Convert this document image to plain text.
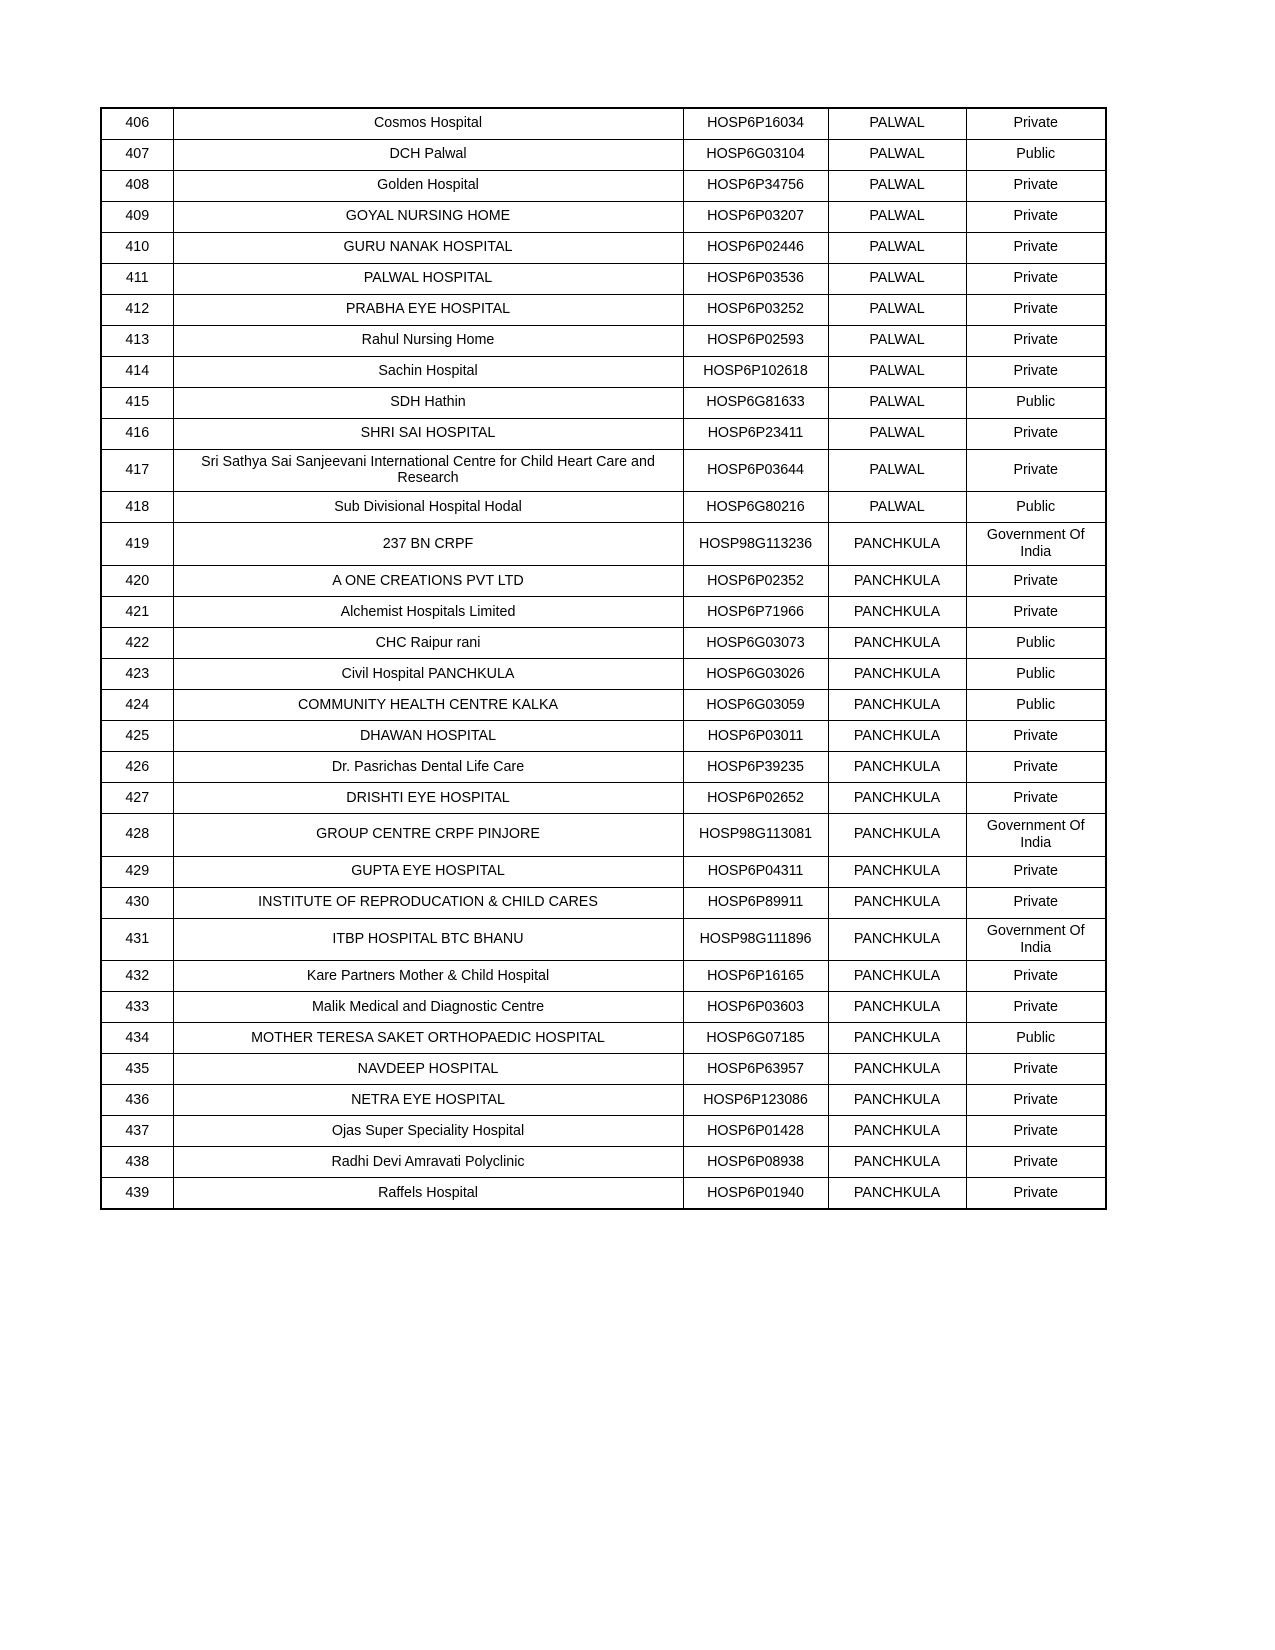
406	Cosmos Hospital	HOSP6P16034	PALWAL	Private
407	DCH Palwal	HOSP6G03104	PALWAL	Public
408	Golden Hospital	HOSP6P34756	PALWAL	Private
409	GOYAL NURSING HOME	HOSP6P03207	PALWAL	Private
410	GURU NANAK HOSPITAL	HOSP6P02446	PALWAL	Private
411	PALWAL HOSPITAL	HOSP6P03536	PALWAL	Private
412	PRABHA EYE HOSPITAL	HOSP6P03252	PALWAL	Private
413	Rahul Nursing Home	HOSP6P02593	PALWAL	Private
414	Sachin Hospital	HOSP6P102618	PALWAL	Private
415	SDH Hathin	HOSP6G81633	PALWAL	Public
416	SHRI SAI HOSPITAL	HOSP6P23411	PALWAL	Private
417	Sri Sathya Sai Sanjeevani International Centre for Child Heart Care and Research	HOSP6P03644	PALWAL	Private
418	Sub Divisional Hospital Hodal	HOSP6G80216	PALWAL	Public
419	237 BN CRPF	HOSP98G113236	PANCHKULA	Government Of India
420	A ONE CREATIONS PVT LTD	HOSP6P02352	PANCHKULA	Private
421	Alchemist Hospitals Limited	HOSP6P71966	PANCHKULA	Private
422	CHC Raipur rani	HOSP6G03073	PANCHKULA	Public
423	Civil Hospital PANCHKULA	HOSP6G03026	PANCHKULA	Public
424	COMMUNITY HEALTH CENTRE KALKA	HOSP6G03059	PANCHKULA	Public
425	DHAWAN HOSPITAL	HOSP6P03011	PANCHKULA	Private
426	Dr. Pasrichas Dental Life Care	HOSP6P39235	PANCHKULA	Private
427	DRISHTI EYE HOSPITAL	HOSP6P02652	PANCHKULA	Private
428	GROUP CENTRE CRPF PINJORE	HOSP98G113081	PANCHKULA	Government Of India
429	GUPTA EYE HOSPITAL	HOSP6P04311	PANCHKULA	Private
430	INSTITUTE OF REPRODUCATION & CHILD CARES	HOSP6P89911	PANCHKULA	Private
431	ITBP HOSPITAL BTC BHANU	HOSP98G111896	PANCHKULA	Government Of India
432	Kare Partners Mother & Child Hospital	HOSP6P16165	PANCHKULA	Private
433	Malik Medical and Diagnostic Centre	HOSP6P03603	PANCHKULA	Private
434	MOTHER TERESA SAKET ORTHOPAEDIC HOSPITAL	HOSP6G07185	PANCHKULA	Public
435	NAVDEEP HOSPITAL	HOSP6P63957	PANCHKULA	Private
436	NETRA EYE HOSPITAL	HOSP6P123086	PANCHKULA	Private
437	Ojas Super Speciality Hospital	HOSP6P01428	PANCHKULA	Private
438	Radhi Devi Amravati Polyclinic	HOSP6P08938	PANCHKULA	Private
439	Raffels Hospital	HOSP6P01940	PANCHKULA	Private
